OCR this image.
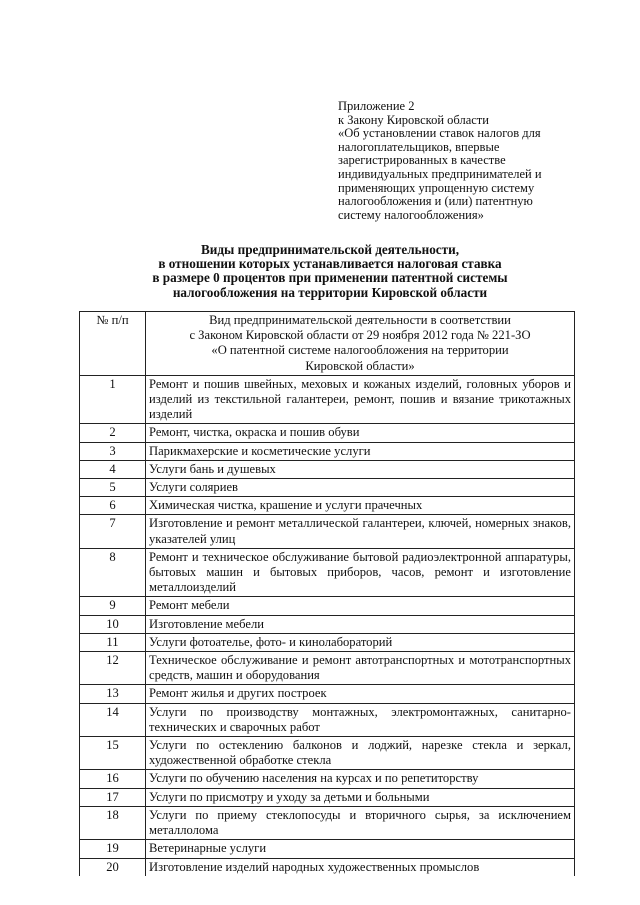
Приложение 2
к Закону Кировской области
«Об установлении ставок налогов для
налогоплательщиков, впервые
зарегистрированных в качестве
индивидуальных предпринимателей и
применяющих упрощенную систему
налогообложения и (или) патентную
систему налогообложения»
Виды предпринимательской деятельности,
в отношении которых устанавливается налоговая ставка
в размере 0 процентов при применении патентной системы
налогообложения на территории Кировской области
№ п/п	Вид предпринимательской деятельности в соответствии
с Законом Кировской области от 29 ноября 2012 года № 221-ЗО
«О патентной системе налогообложения на территории
Кировской области»

1	Ремонт и пошив швейных, меховых и кожаных изделий, головных уборов и изделий из текстильной галантереи, ремонт, пошив и вязание трикотажных изделий
2	Ремонт, чистка, окраска и пошив обуви
3	Парикмахерские и косметические услуги
4	Услуги бань и душевых
5	Услуги соляриев
6	Химическая чистка, крашение и услуги прачечных
7	Изготовление и ремонт металлической галантереи, ключей, номерных знаков, указателей улиц
8	Ремонт и техническое обслуживание бытовой радиоэлектронной аппаратуры, бытовых машин и бытовых приборов, часов, ремонт и изготовление металлоизделий
9	Ремонт мебели
10	Изготовление мебели
11	Услуги фотоателье, фото- и кинолабораторий
12	Техническое обслуживание и ремонт автотранспортных и мототранспортных средств, машин и оборудования
13	Ремонт жилья и других построек
14	Услуги по производству монтажных, электромонтажных, санитарно-технических и сварочных работ
15	Услуги по остеклению балконов и лоджий, нарезке стекла и зеркал, художественной обработке стекла
16	Услуги по обучению населения на курсах и по репетиторству
17	Услуги по присмотру и уходу за детьми и больными
18	Услуги по приему стеклопосуды и вторичного сырья, за исключением металлолома
19	Ветеринарные услуги
20	Изготовление изделий народных художественных промыслов
